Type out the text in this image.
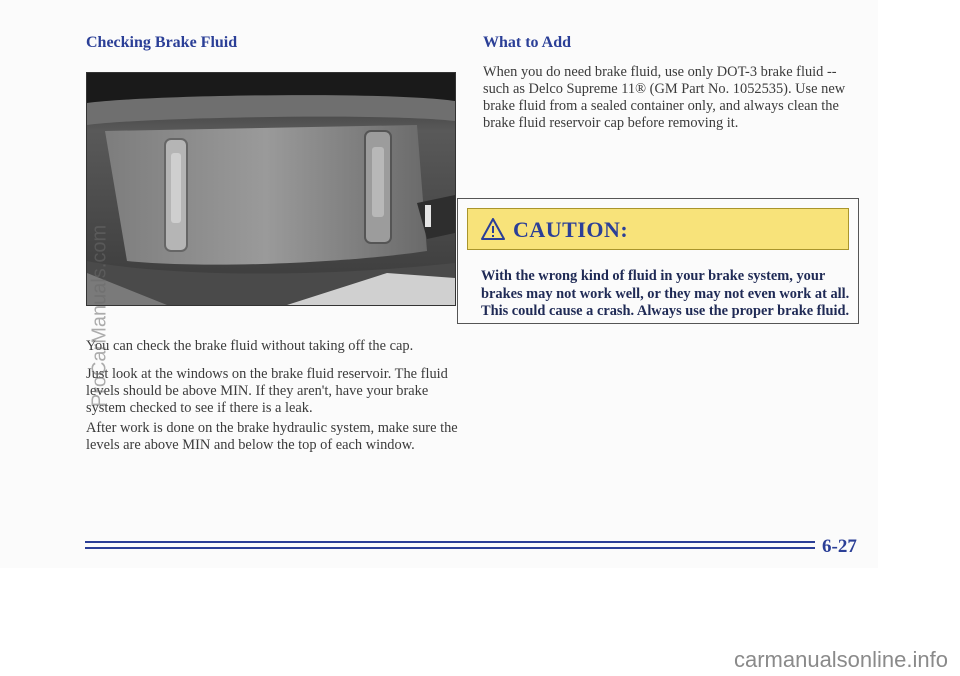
Checking Brake Fluid

You can check the brake fluid without taking off the cap.

Just look at the windows on the brake fluid reservoir. The fluid levels should be above MIN. If they aren't, have your brake system checked to see if there is a leak.

After work is done on the brake hydraulic system, make sure the levels are above MIN and below the top of each window.

What to Add

When you do need brake fluid, use only DOT-3 brake fluid -- such as Delco Supreme 11® (GM Part No. 1052535). Use new brake fluid from a sealed container only, and always clean the brake fluid reservoir cap before removing it.

CAUTION:

With the wrong kind of fluid in your brake system, your brakes may not work well, or they may not even work at all. This could cause a crash. Always use the proper brake fluid.

6-27
ProCarManuals.com
carmanualsonline.info
